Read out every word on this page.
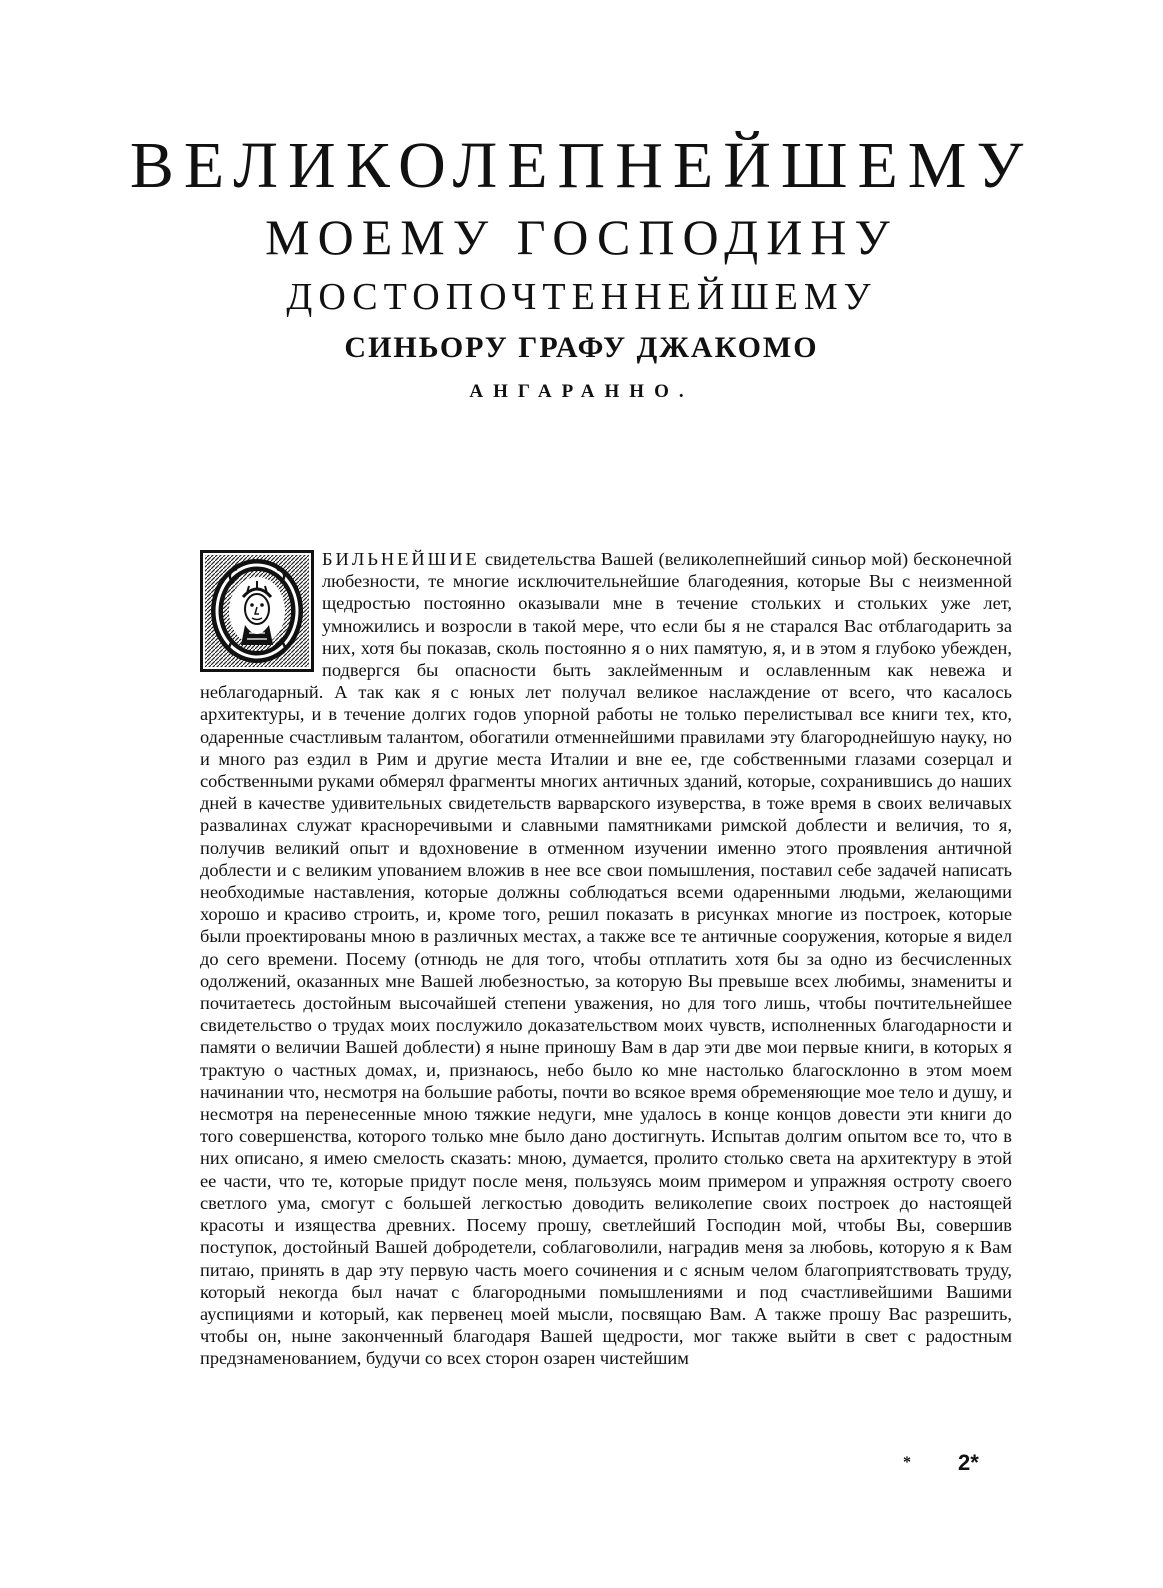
ВЕЛИКОЛЕПНЕЙШЕМУ
МОЕМУ ГОСПОДИНУ
ДОСТОПОЧТЕННЕЙШЕМУ
СИНЬОРУ ГРАФУ ДЖАКОМО
АНГАРАННО.

БИЛЬНЕЙШИЕ свидетельства Вашей (великолепнейший синьор мой) бесконечной любезности, те многие исключительнейшие благодеяния, которые Вы с неизменной щедростью постоянно оказывали мне в течение стольких и стольких уже лет, умножились и возросли в такой мере, что если бы я не старался Вас отблагодарить за них, хотя бы показав, сколь постоянно я о них памятую, я, и в этом я глубоко убежден, подвергся бы опасности быть заклейменным и ославленным как невежа и неблагодарный. А так как я с юных лет получал великое наслаждение от всего, что касалось архитектуры, и в течение долгих годов упорной работы не только перелистывал все книги тех, кто, одаренные счастливым талантом, обогатили отменнейшими правилами эту благороднейшую науку, но и много раз ездил в Рим и другие места Италии и вне ее, где собственными глазами созерцал и собственными руками обмерял фрагменты многих античных зданий, которые, сохранившись до наших дней в качестве удивительных свидетельств варварского изуверства, в тоже время в своих величавых развалинах служат красноречивыми и славными памятниками римской доблести и величия, то я, получив великий опыт и вдохновение в отменном изучении именно этого проявления античной доблести и с великим упованием вложив в нее все свои помышления, поставил себе задачей написать необходимые наставления, которые должны соблюдаться всеми одаренными людьми, желающими хорошо и красиво строить, и, кроме того, решил показать в рисунках многие из построек, которые были проектированы мною в различных местах, а также все те античные сооружения, которые я видел до сего времени. Посему (отнюдь не для того, чтобы отплатить хотя бы за одно из бесчисленных одолжений, оказанных мне Вашей любезностью, за которую Вы превыше всех любимы, знамениты и почитаетесь достойным высочайшей степени уважения, но для того лишь, чтобы почтительнейшее свидетельство о трудах моих послужило доказательством моих чувств, исполненных благодарности и памяти о величии Вашей доблести) я ныне приношу Вам в дар эти две мои первые книги, в которых я трактую о частных домах, и, признаюсь, небо было ко мне настолько благосклонно в этом моем начинании что, несмотря на большие работы, почти во всякое время обременяющие мое тело и душу, и несмотря на перенесенные мною тяжкие недуги, мне удалось в конце концов довести эти книги до того совершенства, которого только мне было дано достигнуть. Испытав долгим опытом все то, что в них описано, я имею смелость сказать: мною, думается, пролито столько света на архитектуру в этой ее части, что те, которые придут после меня, пользуясь моим примером и упражняя остроту своего светлого ума, смогут с большей легкостью доводить великолепие своих построек до настоящей красоты и изящества древних. Посему прошу, светлейший Господин мой, чтобы Вы, совершив поступок, достойный Вашей добродетели, соблаговолили, наградив меня за любовь, которую я к Вам питаю, принять в дар эту первую часть моего сочинения и с ясным челом благоприятствовать труду, который некогда был начат с благородными помышлениями и под счастливейшими Вашими ауспициями и который, как первенец моей мысли, посвящаю Вам. А также прошу Вас разрешить, чтобы он, ныне законченный благодаря Вашей щедрости, мог также выйти в свет с радостным предзнаменованием, будучи со всех сторон озарен чистейшим

* 2*
